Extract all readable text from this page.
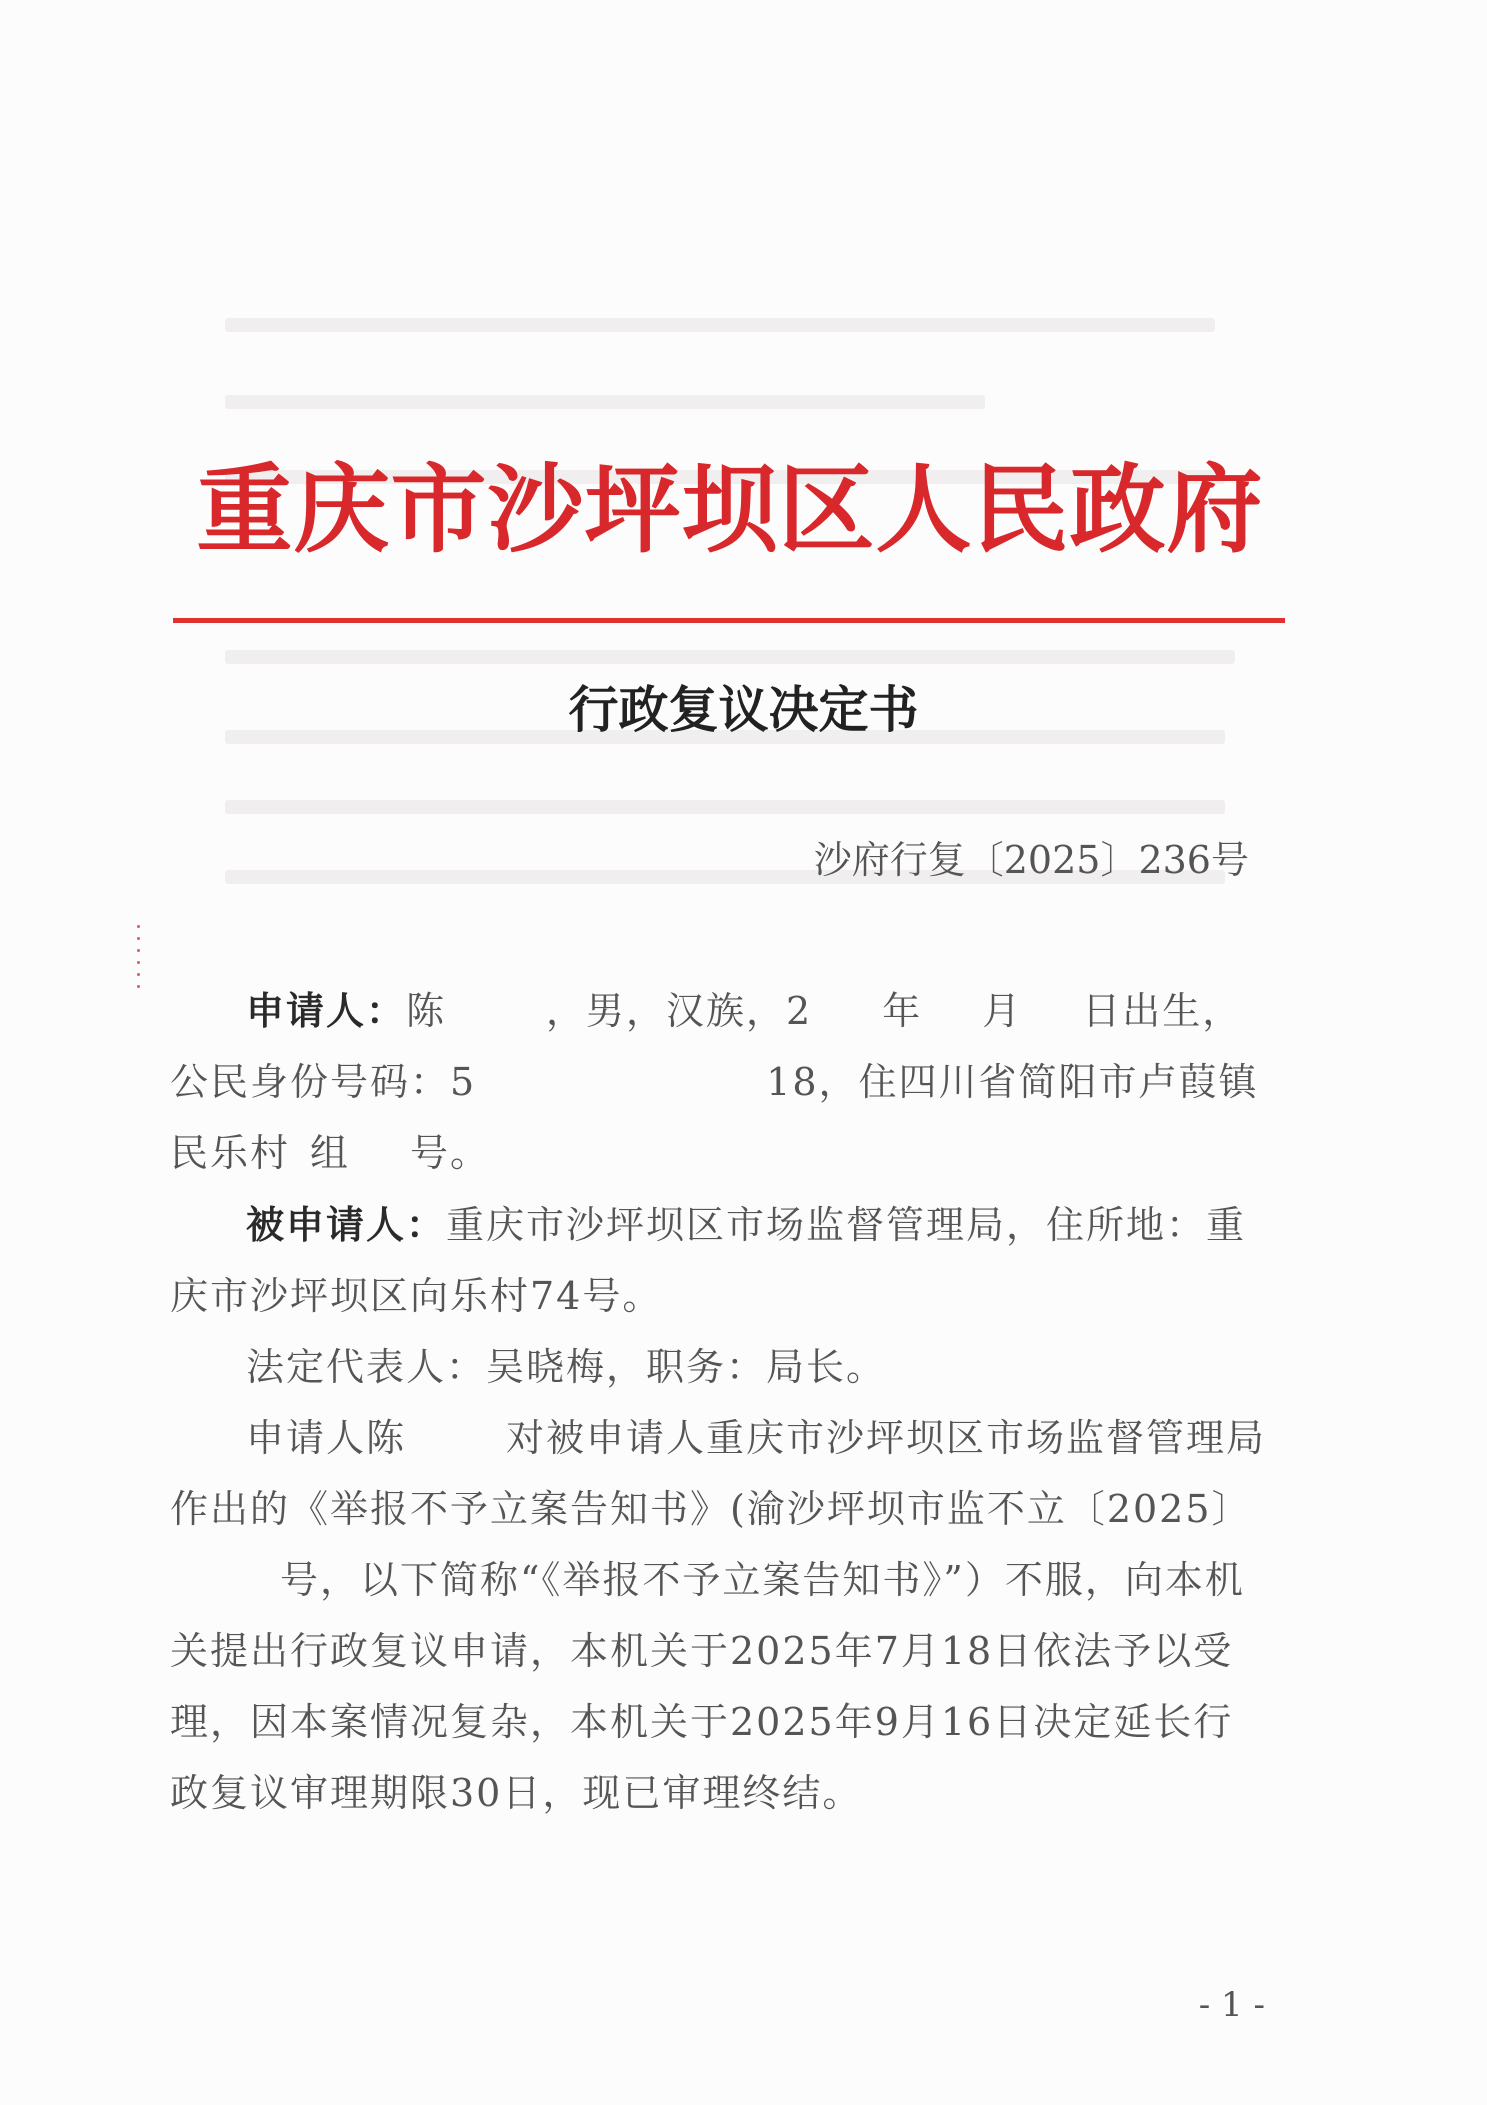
重庆市沙坪坝区人民政府
行政复议决定书
沙府行复〔2025〕236号

申请人：陈	，男，汉族，2 年 月 日出生，公民身份号码：5	18，住四川省简阳市卢葭镇民乐村 组 号。

被申请人：重庆市沙坪坝区市场监督管理局，住所地：重庆市沙坪坝区向乐村74号。

法定代表人：吴晓梅，职务：局长。

申请人陈	对被申请人重庆市沙坪坝区市场监督管理局作出的《举报不予立案告知书》(渝沙坪坝市监不立〔2025〕号，以下简称“《举报不予立案告知书》”）不服，向本机关提出行政复议申请，本机关于2025年7月18日依法予以受理，因本案情况复杂，本机关于2025年9月16日决定延长行政复议审理期限30日，现已审理终结。

- 1 -
